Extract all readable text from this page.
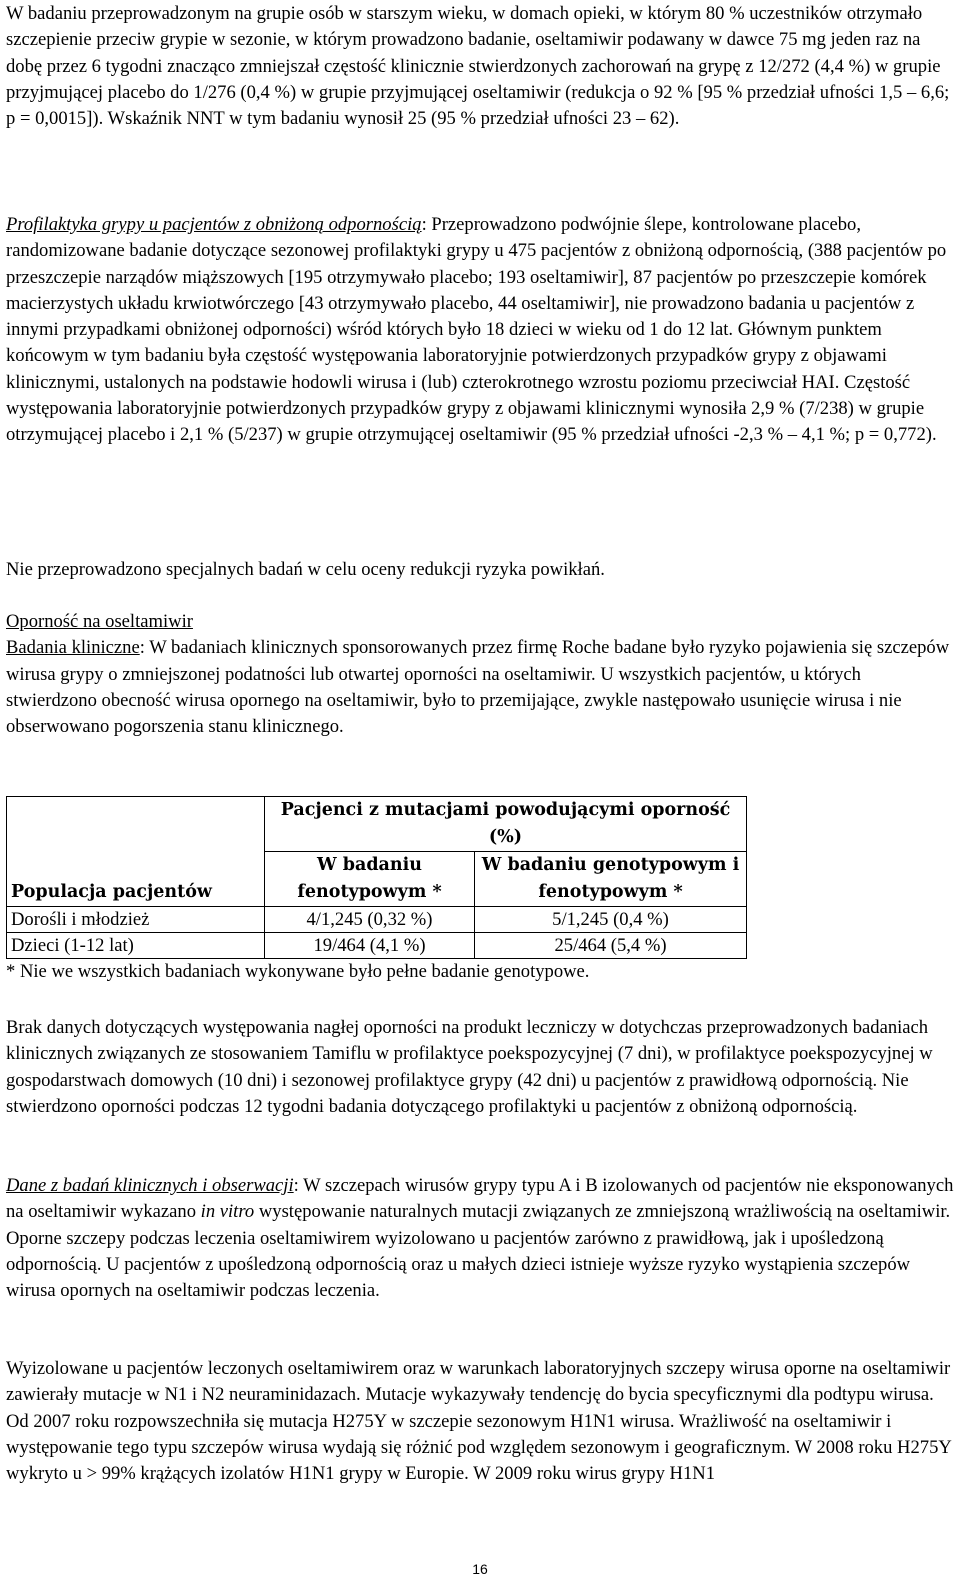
W badaniu przeprowadzonym na grupie osób w starszym wieku, w domach opieki, w którym 80 % uczestników otrzymało szczepienie przeciw grypie w sezonie, w którym prowadzono badanie, oseltamiwir podawany w dawce 75 mg jeden raz na dobę przez 6 tygodni znacząco zmniejszał częstość klinicznie stwierdzonych zachorowań na grypę z 12/272 (4,4 %) w grupie przyjmującej placebo do 1/276 (0,4 %) w grupie przyjmującej oseltamiwir (redukcja o 92 % [95 % przedział ufności 1,5 – 6,6; p = 0,0015]). Wskaźnik NNT w tym badaniu wynosił 25 (95 % przedział ufności 23 – 62).

Profilaktyka grypy u pacjentów z obniżoną odpornością: Przeprowadzono podwójnie ślepe, kontrolowane placebo, randomizowane badanie dotyczące sezonowej profilaktyki grypy u 475 pacjentów z obniżoną odpornością, (388 pacjentów po przeszczepie narządów miąższowych [195 otrzymywało placebo; 193 oseltamiwir], 87 pacjentów po przeszczepie komórek macierzystych układu krwiotwórczego [43 otrzymywało placebo, 44 oseltamiwir], nie prowadzono badania u pacjentów z innymi przypadkami obniżonej odporności) wśród których było 18 dzieci w wieku od 1 do 12 lat. Głównym punktem końcowym w tym badaniu była częstość występowania laboratoryjnie potwierdzonych przypadków grypy z objawami klinicznymi, ustalonych na podstawie hodowli wirusa i (lub) czterokrotnego wzrostu poziomu przeciwciał HAI. Częstość występowania laboratoryjnie potwierdzonych przypadków grypy z objawami klinicznymi wynosiła 2,9 % (7/238) w grupie otrzymującej placebo i 2,1 % (5/237) w grupie otrzymującej oseltamiwir (95 % przedział ufności -2,3 % – 4,1 %; p = 0,772).

Nie przeprowadzono specjalnych badań w celu oceny redukcji ryzyka powikłań.

Oporność na oseltamiwir

Badania kliniczne: W badaniach klinicznych sponsorowanych przez firmę Roche badane było ryzyko pojawienia się szczepów wirusa grypy o zmniejszonej podatności lub otwartej oporności na oseltamiwir. U wszystkich pacjentów, u których stwierdzono obecność wirusa opornego na oseltamiwir, było to przemijające, zwykle następowało usunięcie wirusa i nie obserwowano pogorszenia stanu klinicznego.

Populacja pacjentów	Pacjenci z mutacjami powodującymi oporność (%)	
	W badaniu fenotypowym *	W badaniu genotypowym i fenotypowym *
Dorośli i młodzież	4/1,245 (0,32 %)	5/1,245 (0,4 %)
Dzieci (1-12 lat)	19/464 (4,1 %)	25/464 (5,4 %)

* Nie we wszystkich badaniach wykonywane było pełne badanie genotypowe.

Brak danych dotyczących występowania nagłej oporności na produkt leczniczy w dotychczas przeprowadzonych badaniach klinicznych związanych ze stosowaniem Tamiflu w profilaktyce poekspozycyjnej (7 dni), w profilaktyce poekspozycyjnej w gospodarstwach domowych (10 dni) i sezonowej profilaktyce grypy (42 dni) u pacjentów z prawidłową odpornością. Nie stwierdzono oporności podczas 12 tygodni badania dotyczącego profilaktyki u pacjentów z obniżoną odpornością.

Dane z badań klinicznych i obserwacji: W szczepach wirusów grypy typu A i B izolowanych od pacjentów nie eksponowanych na oseltamiwir wykazano in vitro występowanie naturalnych mutacji związanych ze zmniejszoną wrażliwością na oseltamiwir. Oporne szczepy podczas leczenia oseltamiwirem wyizolowano u pacjentów zarówno z prawidłową, jak i upośledzoną odpornością. U pacjentów z upośledzoną odpornością oraz u małych dzieci istnieje wyższe ryzyko wystąpienia szczepów wirusa opornych na oseltamiwir podczas leczenia.

Wyizolowane u pacjentów leczonych oseltamiwirem oraz w warunkach laboratoryjnych szczepy wirusa oporne na oseltamiwir zawierały mutacje w N1 i N2 neuraminidazach. Mutacje wykazywały tendencję do bycia specyficznymi dla podtypu wirusa. Od 2007 roku rozpowszechniła się mutacja H275Y w szczepie sezonowym H1N1 wirusa. Wrażliwość na oseltamiwir i występowanie tego typu szczepów wirusa wydają się różnić pod względem sezonowym i geograficznym. W 2008 roku H275Y wykryto u > 99% krążących izolatów H1N1 grypy w Europie. W 2009 roku wirus grypy H1N1

16
